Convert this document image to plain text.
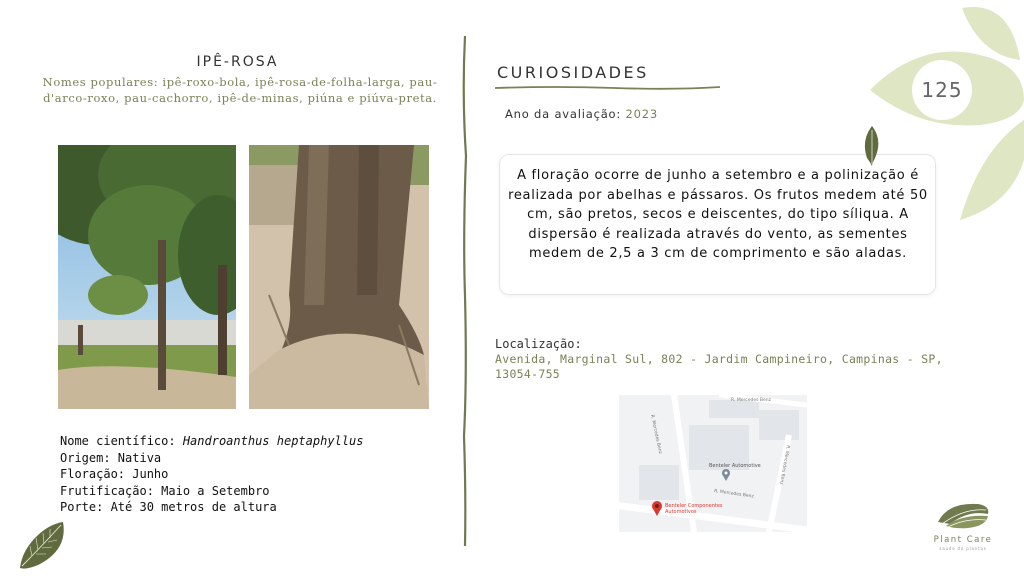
IPÊ-ROSA
Nomes populares: ipê-roxo-bola, ipê-rosa-de-folha-larga, pau-d'arco-roxo, pau-cachorro, ipê-de-minas, piúna e piúva-preta.
Nome científico: Handroanthus heptaphyllus
Origem: Nativa
Floração: Junho
Frutificação: Maio a Setembro
Porte: Até 30 metros de altura
CURIOSIDADES
Ano da avaliação: 2023
A floração ocorre de junho a setembro e a polinização é realizada por abelhas e pássaros. Os frutos medem até 50 cm, são pretos, secos e deiscentes, do tipo síliqua. A dispersão é realizada através do vento, as sementes medem de 2,5 a 3 cm de comprimento e são aladas.
Localização:
Avenida, Marginal Sul, 802 - Jardim Campineiro, Campinas - SP, 13054-755
R. Mercedes Benz
R. Mercedes Benz
R. Mercedes Benz
R. Mercedes Benz
Benteler Automotive
Benteler Componentes
Automotivos
125
Plant Care
saúde de plantas
